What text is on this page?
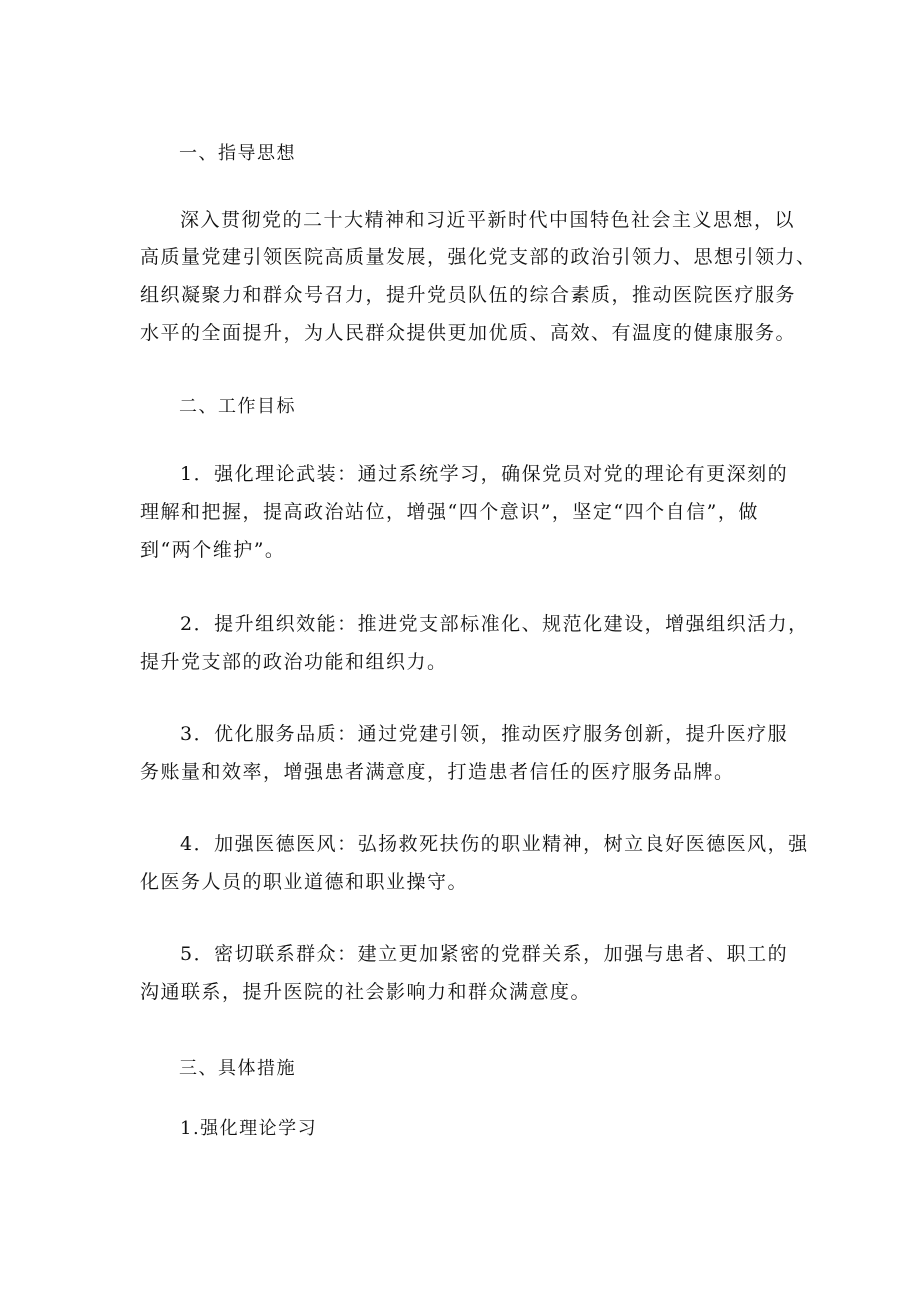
一、指导思想
深入贯彻党的二十大精神和习近平新时代中国特色社会主义思想，以
高质量党建引领医院高质量发展，强化党支部的政治引领力、思想引领力、
组织凝聚力和群众号召力，提升党员队伍的综合素质，推动医院医疗服务
水平的全面提升，为人民群众提供更加优质、高效、有温度的健康服务。
二、工作目标
1．强化理论武装：通过系统学习，确保党员对党的理论有更深刻的
理解和把握，提高政治站位，增强“四个意识”，坚定“四个自信”，做
到“两个维护”。
2．提升组织效能：推进党支部标准化、规范化建设，增强组织活力，
提升党支部的政治功能和组织力。
3．优化服务品质：通过党建引领，推动医疗服务创新，提升医疗服
务账量和效率，增强患者满意度，打造患者信任的医疗服务品牌。
4．加强医德医风：弘扬救死扶伤的职业精神，树立良好医德医风，强
化医务人员的职业道德和职业操守。
5．密切联系群众：建立更加紧密的党群关系，加强与患者、职工的
沟通联系，提升医院的社会影响力和群众满意度。
三、具体措施
1.强化理论学习
